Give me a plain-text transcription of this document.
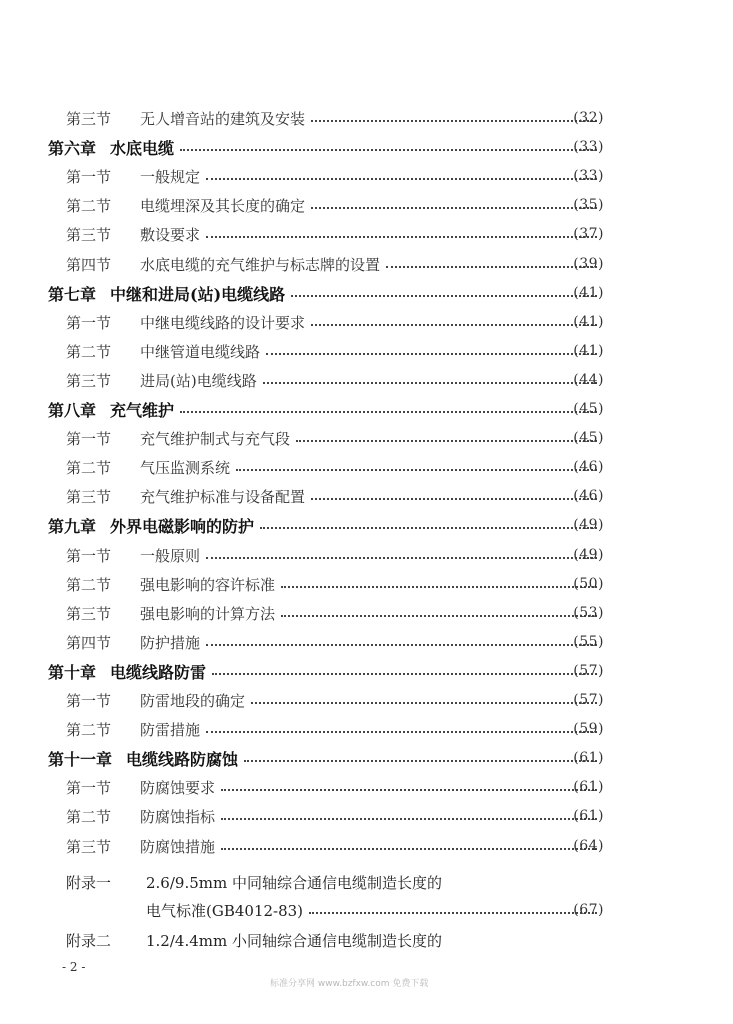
第三节	无人增音站的建筑及安装	(32)
第六章 水底电缆	(33)
第一节	一般规定	(33)
第二节	电缆埋深及其长度的确定	(35)
第三节	敷设要求	(37)
第四节	水底电缆的充气维护与标志牌的设置	(39)
第七章 中继和进局(站)电缆线路	(41)
第一节	中继电缆线路的设计要求	(41)
第二节	中继管道电缆线路	(41)
第三节	进局(站)电缆线路	(44)
第八章 充气维护	(45)
第一节	充气维护制式与充气段	(45)
第二节	气压监测系统	(46)
第三节	充气维护标准与设备配置	(46)
第九章 外界电磁影响的防护	(49)
第一节	一般原则	(49)
第二节	强电影响的容许标准	(50)
第三节	强电影响的计算方法	(53)
第四节	防护措施	(55)
第十章 电缆线路防雷	(57)
第一节	防雷地段的确定	(57)
第二节	防雷措施	(59)
第十一章 电缆线路防腐蚀	(61)
第一节	防腐蚀要求	(61)
第二节	防腐蚀指标	(61)
第三节	防腐蚀措施	(64)
附录一	2.6/9.5mm 中同轴综合通信电缆制造长度的
电气标准(GB4012-83)	(67)
附录二	1.2/4.4mm 小同轴综合通信电缆制造长度的
- 2 -
标准分享网 www.bzfxw.com 免费下载
